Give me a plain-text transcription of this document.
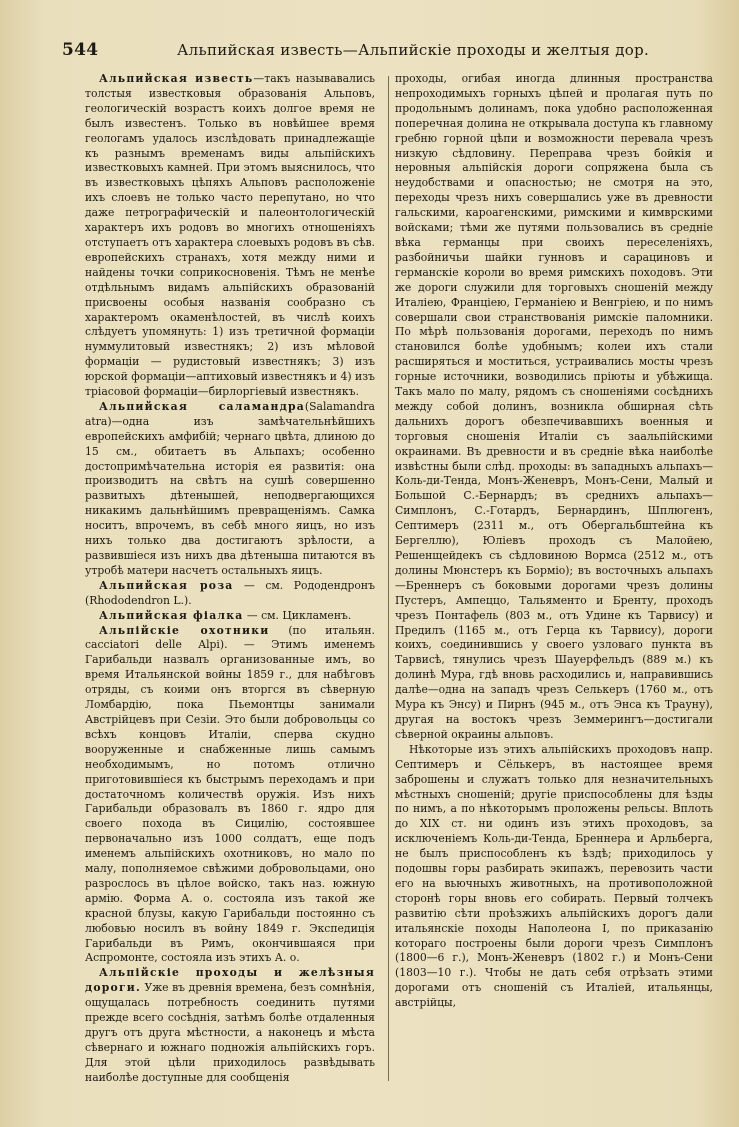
544	Альпийская известь—Альпийскіе проходы и желтыя дор.

Альпийская известь—такъ называвались толстыя известковыя образованія Альповъ, геологическій возрастъ коихъ долгое время не былъ известенъ. Только въ новѣйшее время геологамъ удалось изслѣдовать принадлежащіе къ разнымъ временамъ виды альпійскихъ известковыхъ камней. При этомъ выяснилось, что въ известковыхъ цѣпяхъ Альповъ расположеніе ихъ слоевъ не только часто перепутано, но что даже петрографическій и палеонтологическій характеръ ихъ родовъ во многихъ отношеніяхъ отступаетъ отъ характера слоевыхъ родовъ въ сѣв. европейскихъ странахъ, хотя между ними и найдены точки соприкосновенія. Тѣмъ не менѣе отдѣльнымъ видамъ альпійскихъ образованій присвоены особыя названія сообразно съ характеромъ окаменѣлостей, въ числѣ коихъ слѣдуетъ упомянуть: 1) изъ третичной формаціи нуммулитовый известнякъ; 2) изъ мѣловой формаціи — рудистовый известнякъ; 3) изъ юрской формаціи—аптиховый известнякъ и 4) изъ тріасовой формаціи—бирлоргіевый известнякъ.

Альпийская саламандра(Salamandra atra)—одна изъ замѣчательнѣйшихъ европейскихъ амфибій; чернаго цвѣта, длиною до 15 см., обитаетъ въ Альпахъ; особенно достопримѣчательна исторія ея развитія: она производитъ на свѣтъ на сушѣ совершенно развитыхъ дѣтенышей, неподвергающихся никакимъ дальнѣйшимъ превращеніямъ. Самка носитъ, впрочемъ, въ себѣ много яицъ, но изъ нихъ только два достигаютъ зрѣлости, а развившіеся изъ нихъ два дѣтеныша питаются въ утробѣ матери насчетъ остальныхъ яицъ.

Альпийская роза — см. Рододендронъ (Rhododendron L.).

Альпийская фіалка — см. Цикламенъ.

Альпійскіе охотники (по итальян. cacciatori delle Alpi). — Этимъ именемъ Гарибальди назвалъ организованные имъ, во время Итальянской войны 1859 г., для набѣговъ отряды, съ коими онъ вторгся въ сѣверную Ломбардію, пока Пьемонтцы занимали Австрійцевъ при Сезіи. Это были добровольцы со всѣхъ концовъ Италіи, сперва скудно вооруженные и снабженные лишь самымъ необходимымъ, но потомъ отлично приготовившіеся къ быстрымъ переходамъ и при достаточномъ количествѣ оружія. Изъ нихъ Гарибальди образовалъ въ 1860 г. ядро для своего похода въ Сицилію, состоявшее первоначально изъ 1000 солдатъ, еще подъ именемъ альпійскихъ охотниковъ, но мало по малу, пополняемое свѣжими добровольцами, оно разрослось въ цѣлое войско, такъ наз. южную армію. Форма А. о. состояла изъ такой же красной блузы, какую Гарибальди постоянно съ любовью носилъ въ войну 1849 г. Экспедиція Гарибальди въ Римъ, окончившаяся при Аспромонте, состояла изъ этихъ А. о.

Альпійскіе проходы и желѣзныя дороги. Уже въ древнія времена, безъ сомнѣнія, ощущалась потребность соединить путями прежде всего сосѣднія, затѣмъ болѣе отдаленныя другъ отъ друга мѣстности, а наконецъ и мѣста сѣвернаго и южнаго подножія альпійскихъ горъ. Для этой цѣли приходилось развѣдывать наиболѣе доступные для сообщенія

проходы, огибая иногда длинныя пространства непроходимыхъ горныхъ цѣпей и пролагая путь по продольнымъ долинамъ, пока удобно расположенная поперечная долина не открывала доступа къ главному гребню горной цѣпи и возможности перевала чрезъ низкую сѣдловину. Переправа чрезъ бойкія и неровныя альпійскія дороги сопряжена была съ неудобствами и опасностью; не смотря на это, переходы чрезъ нихъ совершались уже въ древности гальскими, кароагенскими, римскими и кимврскими войсками; тѣми же путями пользовались въ средніе вѣка германцы при своихъ переселеніяхъ, разбойничьи шайки гунновъ и сарациновъ и германскіе короли во время римскихъ походовъ. Эти же дороги служили для торговыхъ сношеній между Италіею, Франціею, Германіею и Венгріею, и по нимъ совершали свои странствованія римскіе паломники. По мѣрѣ пользованія дорогами, переходъ по нимъ становился болѣе удобнымъ; колеи ихъ стали расширяться и моститься, устраивались мосты чрезъ горные источники, возводились пріюты и убѣжища. Такъ мало по малу, рядомъ съ сношеніями сосѣднихъ между собой долинъ, возникла обширная сѣть дальнихъ дорогъ обезпечивавшихъ военныя и торговыя сношенія Италіи съ заальпійскими окраинами. Въ древности и въ средніе вѣка наиболѣе извѣстны были слѣд. проходы: въ западныхъ альпахъ—Коль-ди-Тенда, Монъ-Женевръ, Монъ-Сени, Малый и Большой С.-Бернардъ; въ среднихъ альпахъ—Симплонъ, С.-Готардъ, Бернардинъ, Шплюгенъ, Септимеръ (2311 м., отъ Обергальбштейна къ Бергеллю), Юліевъ проходъ съ Малойею, Решенщейдекъ съ сѣдловиною Вормса (2512 м., отъ долины Мюнстеръ къ Борміо); въ восточныхъ альпахъ—Бреннеръ съ боковыми дорогами чрезъ долины Пустеръ, Ампеццо, Тальяменто и Бренту, проходъ чрезъ Понтафель (803 м., отъ Удине къ Тарвису) и Предилъ (1165 м., отъ Герца къ Тарвису), дороги коихъ, соединившись у своего узловаго пункта въ Тарвисѣ, тянулись чрезъ Шауерфельдъ (889 м.) къ долинѣ Мура, гдѣ вновь расходились и, направившись далѣе—одна на западъ чрезъ Селькеръ (1760 м., отъ Мура къ Энсу) и Пирнъ (945 м., отъ Энса къ Трауну), другая на востокъ чрезъ Земмерингъ—достигали сѣверной окраины альповъ.

Нѣкоторые изъ этихъ альпійскихъ проходовъ напр. Септимеръ и Сёлькеръ, въ настоящее время заброшены и служатъ только для незначительныхъ мѣстныхъ сношеній; другіе приспособлены для ѣзды по нимъ, а по нѣкоторымъ проложены рельсы. Вплоть до XIX ст. ни одинъ изъ этихъ проходовъ, за исключеніемъ Коль-ди-Тенда, Бреннера и Арльберга, не былъ приспособленъ къ ѣздѣ; приходилось у подошвы горы разбирать экипажъ, перевозить части его на вьючныхъ животныхъ, на противоположной сторонѣ горы вновь его собирать. Первый толчекъ развитію сѣти проѣзжихъ альпійскихъ дорогъ дали итальянскіе походы Наполеона I, по приказанію котораго построены были дороги чрезъ Симплонъ (1800—6 г.), Монъ-Женевръ (1802 г.) и Монъ-Сени (1803—10 г.). Чтобы не дать себя отрѣзать этими дорогами отъ сношеній съ Италіей, итальянцы, австрійцы,
